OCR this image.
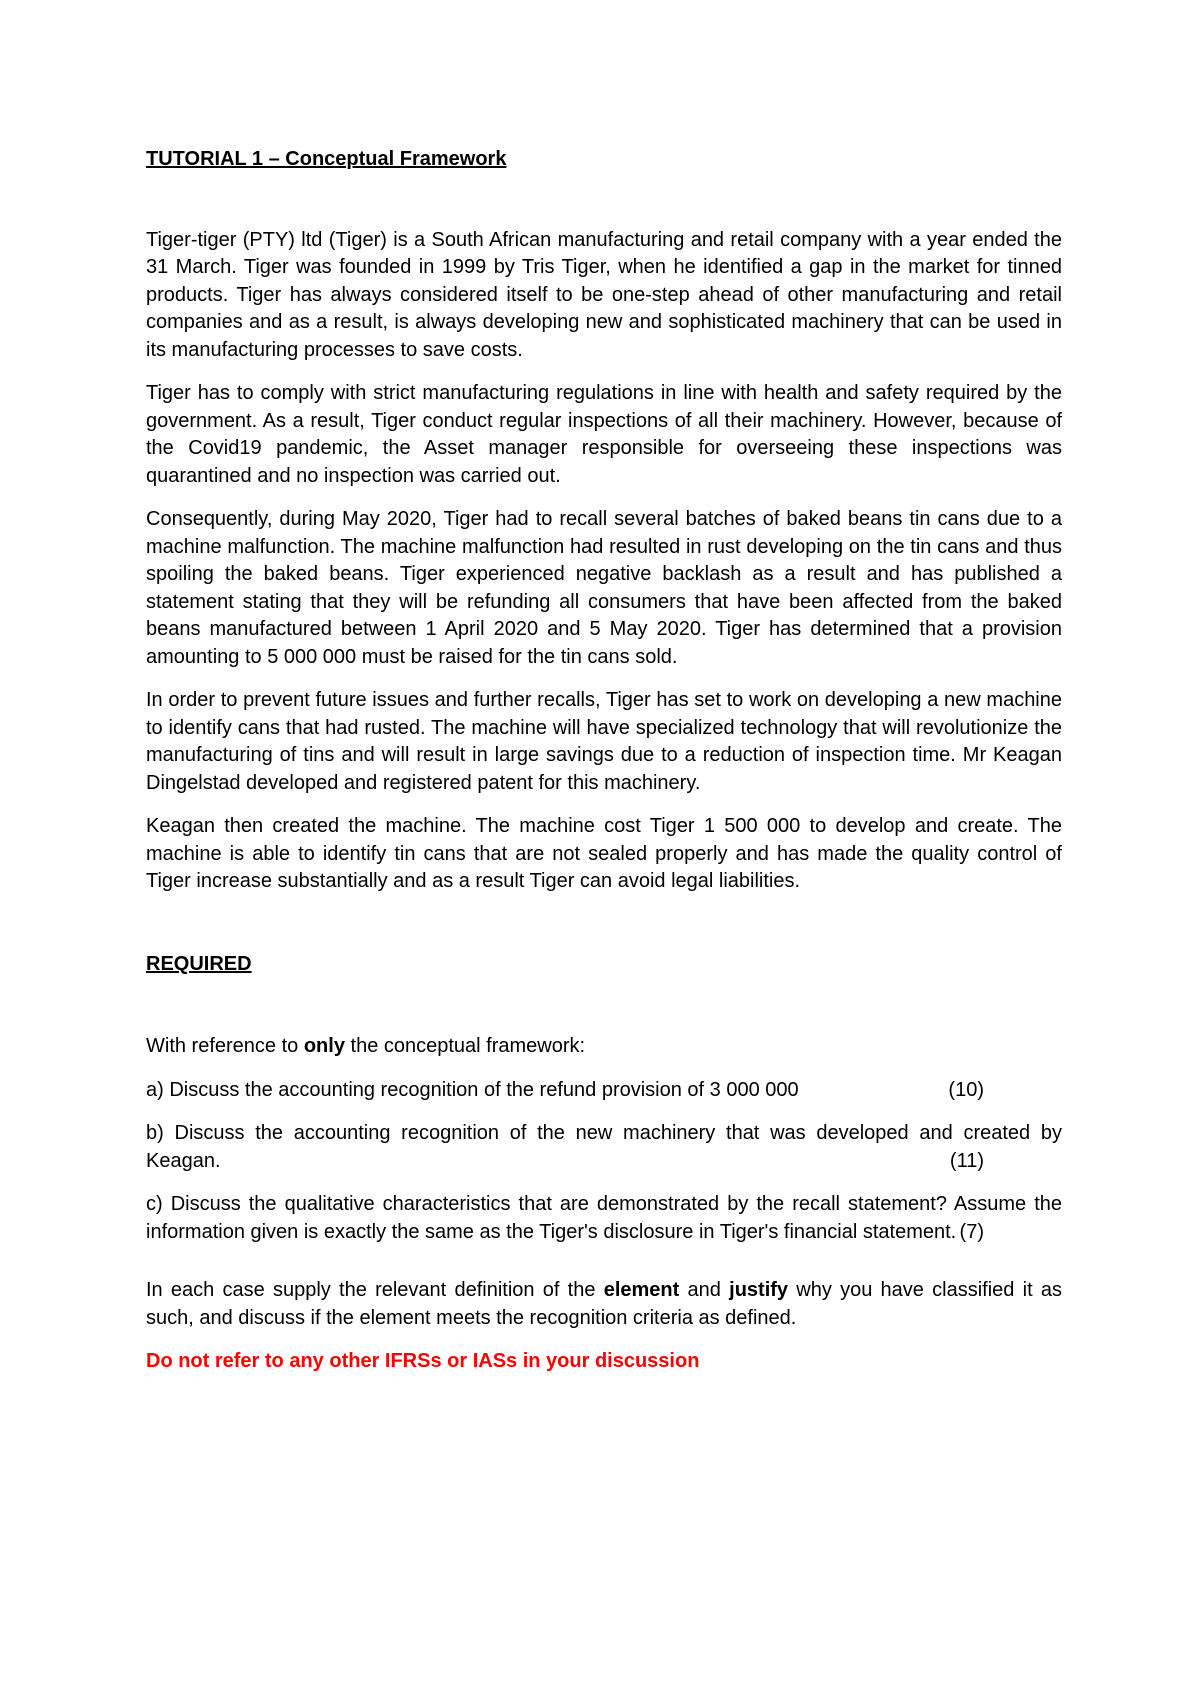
TUTORIAL 1 – Conceptual Framework

Tiger-tiger (PTY) ltd (Tiger) is a South African manufacturing and retail company with a year ended the 31 March. Tiger was founded in 1999 by Tris Tiger, when he identified a gap in the market for tinned products. Tiger has always considered itself to be one-step ahead of other manufacturing and retail companies and as a result, is always developing new and sophisticated machinery that can be used in its manufacturing processes to save costs.

Tiger has to comply with strict manufacturing regulations in line with health and safety required by the government. As a result, Tiger conduct regular inspections of all their machinery. However, because of the Covid19 pandemic, the Asset manager responsible for overseeing these inspections was quarantined and no inspection was carried out.

Consequently, during May 2020, Tiger had to recall several batches of baked beans tin cans due to a machine malfunction. The machine malfunction had resulted in rust developing on the tin cans and thus spoiling the baked beans. Tiger experienced negative backlash as a result and has published a statement stating that they will be refunding all consumers that have been affected from the baked beans manufactured between 1 April 2020 and 5 May 2020. Tiger has determined that a provision amounting to 5 000 000 must be raised for the tin cans sold.

In order to prevent future issues and further recalls, Tiger has set to work on developing a new machine to identify cans that had rusted. The machine will have specialized technology that will revolutionize the manufacturing of tins and will result in large savings due to a reduction of inspection time. Mr Keagan Dingelstad developed and registered patent for this machinery.

Keagan then created the machine. The machine cost Tiger 1 500 000 to develop and create. The machine is able to identify tin cans that are not sealed properly and has made the quality control of Tiger increase substantially and as a result Tiger can avoid legal liabilities.

REQUIRED

With reference to only the conceptual framework:

a) Discuss the accounting recognition of the refund provision of 3 000 000	(10)

b) Discuss the accounting recognition of the new machinery that was developed and created by Keagan.	(11)

c) Discuss the qualitative characteristics that are demonstrated by the recall statement? Assume the information given is exactly the same as the Tiger's disclosure in Tiger's financial statement. (7)

In each case supply the relevant definition of the element and justify why you have classified it as such, and discuss if the element meets the recognition criteria as defined.

Do not refer to any other IFRSs or IASs in your discussion
